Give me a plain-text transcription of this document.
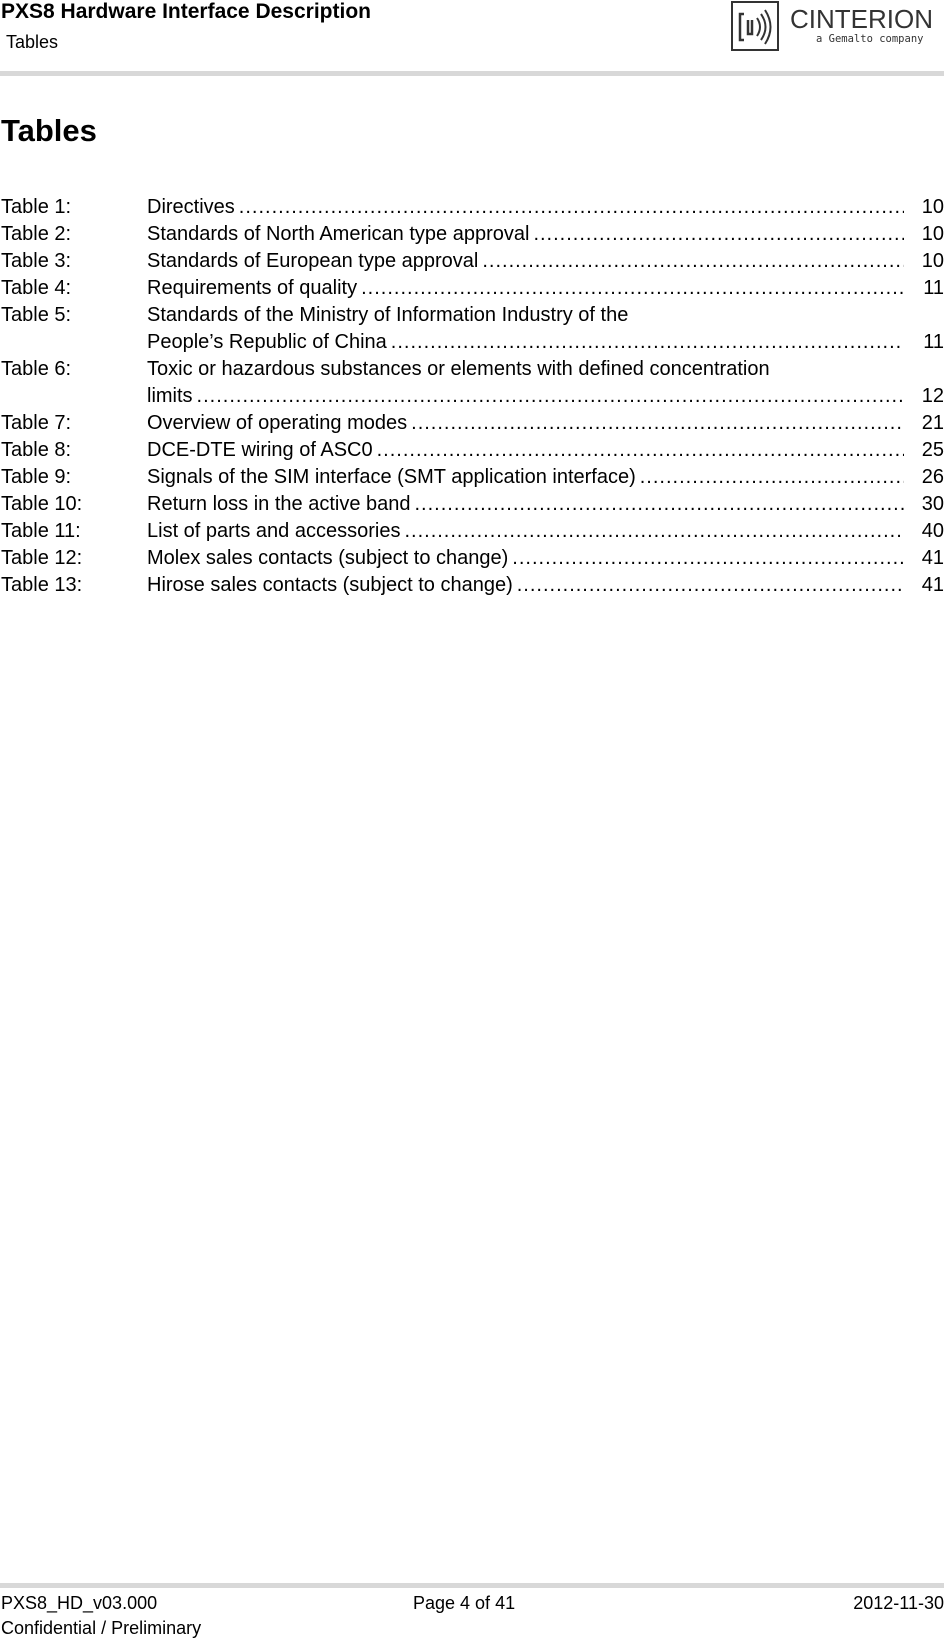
PXS8 Hardware Interface Description
Tables
CINTERION
a Gemalto company
Tables
Table 1:	Directives .....	10
Table 2:	Standards of North American type approval .....	10
Table 3:	Standards of European type approval .....	10
Table 4:	Requirements of quality .....	11
Table 5:	Standards of the Ministry of Information Industry of the
People’s Republic of China .....	11
Table 6:	Toxic or hazardous substances or elements with defined concentration
limits .....	12
Table 7:	Overview of operating modes .....	21
Table 8:	DCE-DTE wiring of ASC0 .....	25
Table 9:	Signals of the SIM interface (SMT application interface) .....	26
Table 10:	Return loss in the active band .....	30
Table 11:	List of parts and accessories .....	40
Table 12:	Molex sales contacts (subject to change) .....	41
Table 13:	Hirose sales contacts (subject to change) .....	41
PXS8_HD_v03.000
Confidential / Preliminary
Page 4 of 41	2012-11-30
